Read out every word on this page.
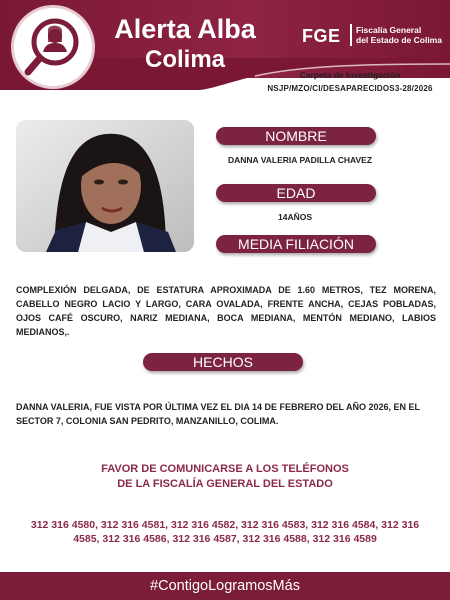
Alerta Alba
Colima
FGE Fiscalía General
del Estado de Colima
Carpeta de Investigación
NSJP/MZO/CI/DESAPARECIDOS3-28/2026
NOMBRE
DANNA VALERIA PADILLA CHAVEZ
EDAD
14AÑOS
MEDIA FILIACIÓN
COMPLEXIÓN DELGADA, DE ESTATURA APROXIMADA DE 1.60 METROS, TEZ MORENA, CABELLO NEGRO LACIO Y LARGO, CARA OVALADA, FRENTE ANCHA, CEJAS POBLADAS, OJOS CAFÉ OSCURO, NARIZ MEDIANA, BOCA MEDIANA, MENTÓN MEDIANO, LABIOS MEDIANOS,.
HECHOS
DANNA VALERIA, FUE VISTA POR ÚLTIMA VEZ EL DIA 14 DE FEBRERO DEL AÑO 2026, EN EL SECTOR 7, COLONIA SAN PEDRITO, MANZANILLO, COLIMA.
FAVOR DE COMUNICARSE A LOS TELÉFONOS
DE LA FISCALÍA GENERAL DEL ESTADO
312 316 4580, 312 316 4581, 312 316 4582, 312 316 4583, 312 316 4584, 312 316 4585, 312 316 4586, 312 316 4587, 312 316 4588, 312 316 4589
#ContigoLogramosMás
